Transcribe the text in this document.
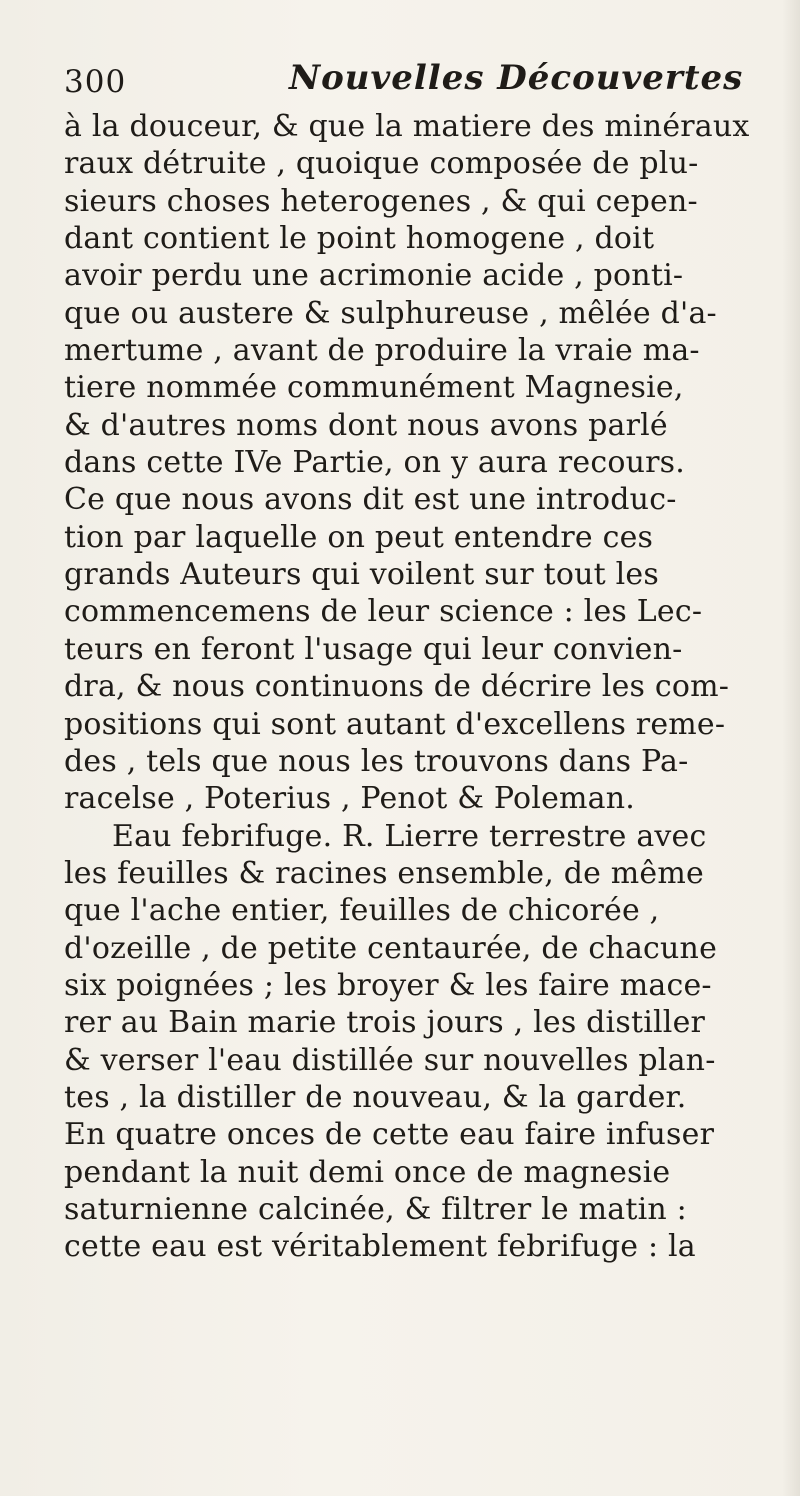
300	Nouvelles Découvertes
à la douceur, & que la matiere des minéraux
raux détruite , quoique composée de plu-
sieurs choses heterogenes , & qui cepen-
dant contient le point homogene , doit
avoir perdu une acrimonie acide , ponti-
que ou austere & sulphureuse , mêlée d'a-
mertume , avant de produire la vraie ma-
tiere nommée communément Magnesie,
& d'autres noms dont nous avons parlé
dans cette IVe Partie, on y aura recours.
Ce que nous avons dit est une introduc-
tion par laquelle on peut entendre ces
grands Auteurs qui voilent sur tout les
commencemens de leur science : les Lec-
teurs en feront l'usage qui leur convien-
dra, & nous continuons de décrire les com-
positions qui sont autant d'excellens reme-
des , tels que nous les trouvons dans Pa-
racelse , Poterius , Penot & Poleman.
Eau febrifuge. R. Lierre terrestre avec
les feuilles & racines ensemble, de même
que l'ache entier, feuilles de chicorée ,
d'ozeille , de petite centaurée, de chacune
six poignées ; les broyer & les faire mace-
rer au Bain marie trois jours , les distiller
& verser l'eau distillée sur nouvelles plan-
tes , la distiller de nouveau, & la garder.
En quatre onces de cette eau faire infuser
pendant la nuit demi once de magnesie
saturnienne calcinée, & filtrer le matin :
cette eau est véritablement febrifuge : la
